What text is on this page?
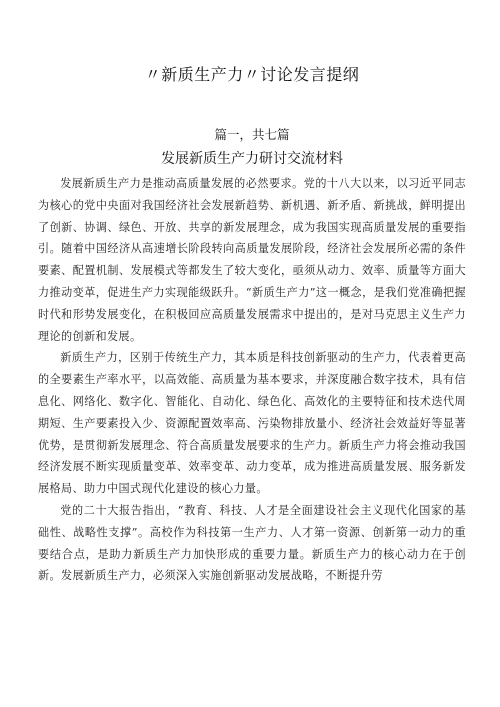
〃新质生产力〃讨论发言提纲
篇一，共七篇
发展新质生产力研讨交流材料

发展新质生产力是推动高质量发展的必然要求。党的十八大以来，以习近平同志为核心的党中央面对我国经济社会发展新趋势、新机遇、新矛盾、新挑战，鲜明提出了创新、协调、绿色、开放、共享的新发展理念，成为我国实现高质量发展的重要指引。随着中国经济从高速增长阶段转向高质量发展阶段，经济社会发展所必需的条件要素、配置机制、发展模式等都发生了较大变化，亟须从动力、效率、质量等方面大力推动变革，促进生产力实现能级跃升。“新质生产力”这一概念，是我们党准确把握时代和形势发展变化，在积极回应高质量发展需求中提出的，是对马克思主义生产力理论的创新和发展。

新质生产力，区别于传统生产力，其本质是科技创新驱动的生产力，代表着更高的全要素生产率水平，以高效能、高质量为基本要求，并深度融合数字技术，具有信息化、网络化、数字化、智能化、自动化、绿色化、高效化的主要特征和技术迭代周期短、生产要素投入少、资源配置效率高、污染物排放量小、经济社会效益好等显著优势，是贯彻新发展理念、符合高质量发展要求的生产力。新质生产力将会推动我国经济发展不断实现质量变革、效率变革、动力变革，成为推进高质量发展、服务新发展格局、助力中国式现代化建设的核心力量。

党的二十大报告指出，“教育、科技、人才是全面建设社会主义现代化国家的基础性、战略性支撑”。高校作为科技第一生产力、人才第一资源、创新第一动力的重要结合点，是助力新质生产力加快形成的重要力量。新质生产力的核心动力在于创新。发展新质生产力，必须深入实施创新驱动发展战略，不断提升劳
